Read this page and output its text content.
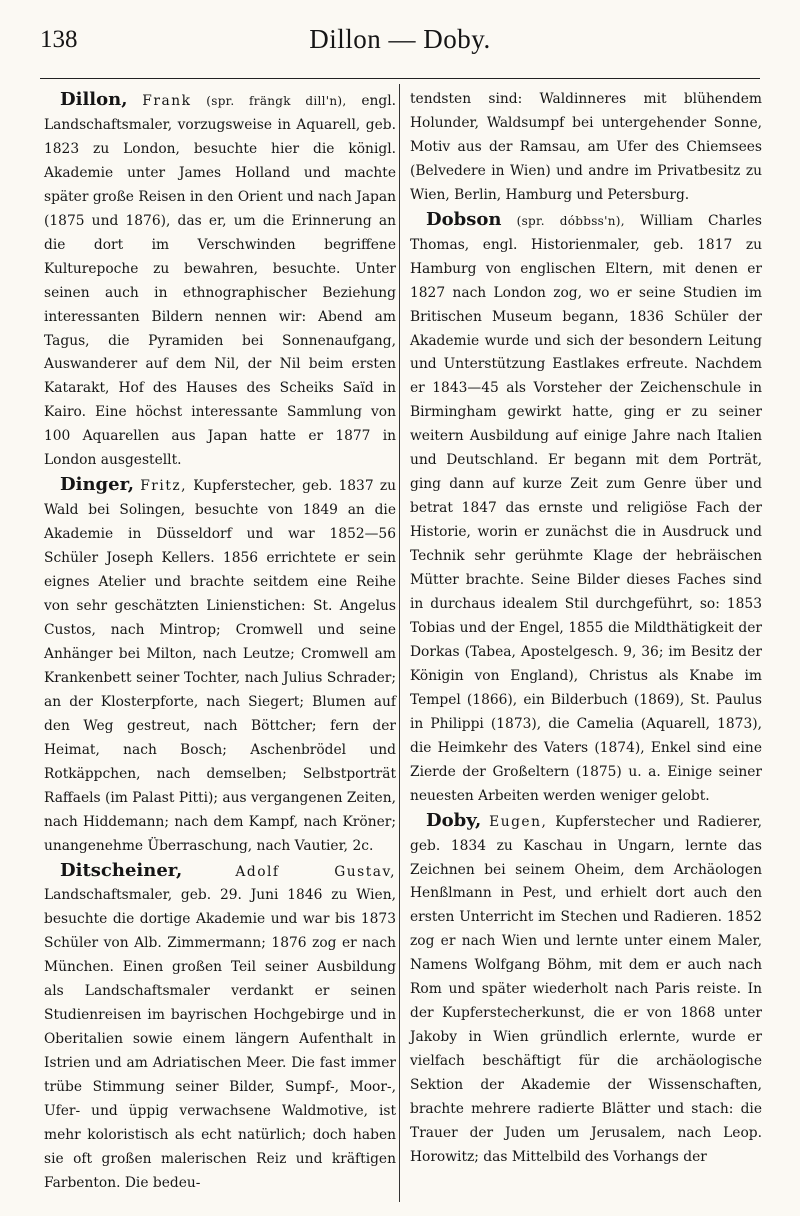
138	Dillon — Doby.

Dillon, Frank (spr. frängk dill'n), engl. Landschaftsmaler, vorzugsweise in Aquarell, geb. 1823 zu London, besuchte hier die königl. Akademie unter James Holland und machte später große Reisen in den Orient und nach Japan (1875 und 1876), das er, um die Erinnerung an die dort im Verschwinden begriffene Kulturepoche zu bewahren, besuchte. Unter seinen auch in ethnographischer Beziehung interessanten Bildern nennen wir: Abend am Tagus, die Pyramiden bei Sonnenaufgang, Auswanderer auf dem Nil, der Nil beim ersten Katarakt, Hof des Hauses des Scheiks Saïd in Kairo. Eine höchst interessante Sammlung von 100 Aquarellen aus Japan hatte er 1877 in London ausgestellt.

Dinger, Fritz, Kupferstecher, geb. 1837 zu Wald bei Solingen, besuchte von 1849 an die Akademie in Düsseldorf und war 1852—56 Schüler Joseph Kellers. 1856 errichtete er sein eignes Atelier und brachte seitdem eine Reihe von sehr geschätzten Linienstichen: St. Angelus Custos, nach Mintrop; Cromwell und seine Anhänger bei Milton, nach Leutze; Cromwell am Krankenbett seiner Tochter, nach Julius Schrader; an der Klosterpforte, nach Siegert; Blumen auf den Weg gestreut, nach Böttcher; fern der Heimat, nach Bosch; Aschenbrödel und Rotkäppchen, nach demselben; Selbstporträt Raffaels (im Palast Pitti); aus vergangenen Zeiten, nach Hiddemann; nach dem Kampf, nach Kröner; unangenehme Überraschung, nach Vautier, 2c.

Ditscheiner,	Adolf Gustav, Landschaftsmaler, geb. 29. Juni 1846 zu Wien, besuchte die dortige Akademie und war bis 1873 Schüler von Alb. Zimmermann; 1876 zog er nach München. Einen großen Teil seiner Ausbildung als Landschaftsmaler verdankt er seinen Studienreisen im bayrischen Hochgebirge und in Oberitalien sowie einem längern Aufenthalt in Istrien und am Adriatischen Meer. Die fast immer trübe Stimmung seiner Bilder, Sumpf-, Moor-, Ufer- und üppig verwachsene Waldmotive, ist mehr koloristisch als echt natürlich; doch haben sie oft großen malerischen Reiz und kräftigen Farbenton. Die bedeu-

tendsten sind: Waldinneres mit blühendem Holunder, Waldsumpf bei untergehender Sonne, Motiv aus der Ramsau, am Ufer des Chiemsees (Belvedere in Wien) und andre im Privatbesitz zu Wien, Berlin, Hamburg und Petersburg.

Dobson (spr. dóbbss'n), William Charles Thomas, engl. Historienmaler, geb. 1817 zu Hamburg von englischen Eltern, mit denen er 1827 nach London zog, wo er seine Studien im Britischen Museum begann, 1836 Schüler der Akademie wurde und sich der besondern Leitung und Unterstützung Eastlakes erfreute. Nachdem er 1843—45 als Vorsteher der Zeichenschule in Birmingham gewirkt hatte, ging er zu seiner weitern Ausbildung auf einige Jahre nach Italien und Deutschland. Er begann mit dem Porträt, ging dann auf kurze Zeit zum Genre über und betrat 1847 das ernste und religiöse Fach der Historie, worin er zunächst die in Ausdruck und Technik sehr gerühmte Klage der hebräischen Mütter brachte. Seine Bilder dieses Faches sind in durchaus idealem Stil durchgeführt, so: 1853 Tobias und der Engel, 1855 die Mildthätigkeit der Dorkas (Tabea, Apostelgesch. 9, 36; im Besitz der Königin von England), Christus als Knabe im Tempel (1866), ein Bilderbuch (1869), St. Paulus in Philippi (1873), die Camelia (Aquarell, 1873), die Heimkehr des Vaters (1874), Enkel sind eine Zierde der Großeltern (1875) u. a. Einige seiner neuesten Arbeiten werden weniger gelobt.

Doby, Eugen, Kupferstecher und Radierer, geb. 1834 zu Kaschau in Ungarn, lernte das Zeichnen bei seinem Oheim, dem Archäologen Henßlmann in Pest, und erhielt dort auch den ersten Unterricht im Stechen und Radieren. 1852 zog er nach Wien und lernte unter einem Maler, Namens Wolfgang Böhm, mit dem er auch nach Rom und später wiederholt nach Paris reiste. In der Kupferstecherkunst, die er von 1868 unter Jakoby in Wien gründlich erlernte, wurde er vielfach beschäftigt für die archäologische Sektion der Akademie der Wissenschaften, brachte mehrere radierte Blätter und stach: die Trauer der Juden um Jerusalem, nach Leop. Horowitz; das Mittelbild des Vorhangs der
